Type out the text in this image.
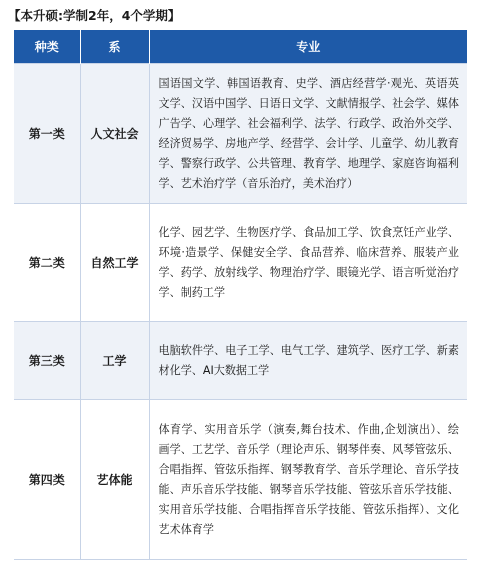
【本升硕:学制2年，4个学期】
种类	系	专业
第一类	人文社会	国语国文学、韩国语教育、史学、酒店经营学·观光、英语英文学、汉语中国学、日语日文学、文献情报学、社会学、媒体广告学、心理学、社会福利学、法学、行政学、政治外交学、经济贸易学、房地产学、经营学、会计学、儿童学、幼儿教育学、警察行政学、公共管理、教育学、地理学、家庭咨询福利学、艺术治疗学（音乐治疗，美术治疗）
第二类	自然工学	化学、园艺学、生物医疗学、食品加工学、饮食烹饪产业学、环境·造景学、保健安全学、食品营养、临床营养、服装产业学、药学、放射线学、物理治疗学、眼镜光学、语言听觉治疗学、制药工学
第三类	工学	电脑软件学、电子工学、电气工学、建筑学、医疗工学、新素材化学、AI大数据工学
第四类	艺体能	体育学、实用音乐学（演奏,舞台技术、作曲,企划演出）、绘画学、工艺学、音乐学（理论声乐、钢琴伴奏、风琴管弦乐、合唱指挥、管弦乐指挥、钢琴教育学、音乐学理论、音乐学技能、声乐音乐学技能、钢琴音乐学技能、管弦乐音乐学技能、实用音乐学技能、合唱指挥音乐学技能、管弦乐指挥）、文化艺术体育学
